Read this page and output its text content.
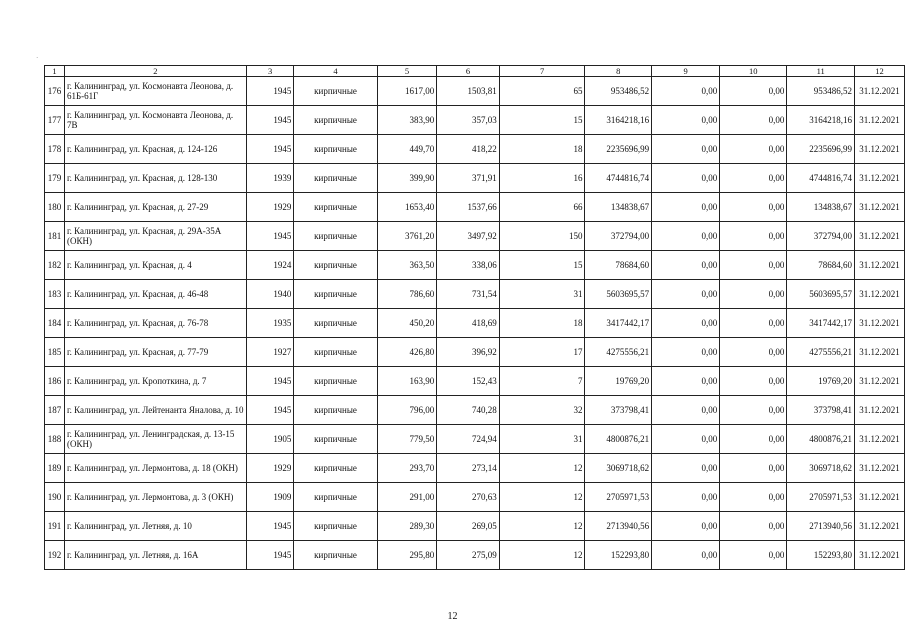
·
1	2	3	4	5	6	7	8	9	10	11	12
176	г. Калининград, ул. Космонавта Леонова, д. 61Б-61Г	1945	кирпичные	1617,00	1503,81	65	953486,52	0,00	0,00	953486,52	31.12.2021
177	г. Калининград, ул. Космонавта Леонова, д. 7В	1945	кирпичные	383,90	357,03	15	3164218,16	0,00	0,00	3164218,16	31.12.2021
178	г. Калининград, ул. Красная, д. 124-126	1945	кирпичные	449,70	418,22	18	2235696,99	0,00	0,00	2235696,99	31.12.2021
179	г. Калининград, ул. Красная, д. 128-130	1939	кирпичные	399,90	371,91	16	4744816,74	0,00	0,00	4744816,74	31.12.2021
180	г. Калининград, ул. Красная, д. 27-29	1929	кирпичные	1653,40	1537,66	66	134838,67	0,00	0,00	134838,67	31.12.2021
181	г. Калининград, ул. Красная, д. 29А-35А (ОКН)	1945	кирпичные	3761,20	3497,92	150	372794,00	0,00	0,00	372794,00	31.12.2021
182	г. Калининград, ул. Красная, д. 4	1924	кирпичные	363,50	338,06	15	78684,60	0,00	0,00	78684,60	31.12.2021
183	г. Калининград, ул. Красная, д. 46-48	1940	кирпичные	786,60	731,54	31	5603695,57	0,00	0,00	5603695,57	31.12.2021
184	г. Калининград, ул. Красная, д. 76-78	1935	кирпичные	450,20	418,69	18	3417442,17	0,00	0,00	3417442,17	31.12.2021
185	г. Калининград, ул. Красная, д. 77-79	1927	кирпичные	426,80	396,92	17	4275556,21	0,00	0,00	4275556,21	31.12.2021
186	г. Калининград, ул. Кропоткина, д. 7	1945	кирпичные	163,90	152,43	7	19769,20	0,00	0,00	19769,20	31.12.2021
187	г. Калининград, ул. Лейтенанта Яналова, д. 10	1945	кирпичные	796,00	740,28	32	373798,41	0,00	0,00	373798,41	31.12.2021
188	г. Калининград, ул. Ленинградская, д. 13-15 (ОКН)	1905	кирпичные	779,50	724,94	31	4800876,21	0,00	0,00	4800876,21	31.12.2021
189	г. Калининград, ул. Лермонтова, д. 18 (ОКН)	1929	кирпичные	293,70	273,14	12	3069718,62	0,00	0,00	3069718,62	31.12.2021
190	г. Калининград, ул. Лермонтова, д. 3 (ОКН)	1909	кирпичные	291,00	270,63	12	2705971,53	0,00	0,00	2705971,53	31.12.2021
191	г. Калининград, ул. Летняя, д. 10	1945	кирпичные	289,30	269,05	12	2713940,56	0,00	0,00	2713940,56	31.12.2021
192	г. Калининград, ул. Летняя, д. 16А	1945	кирпичные	295,80	275,09	12	152293,80	0,00	0,00	152293,80	31.12.2021
12
